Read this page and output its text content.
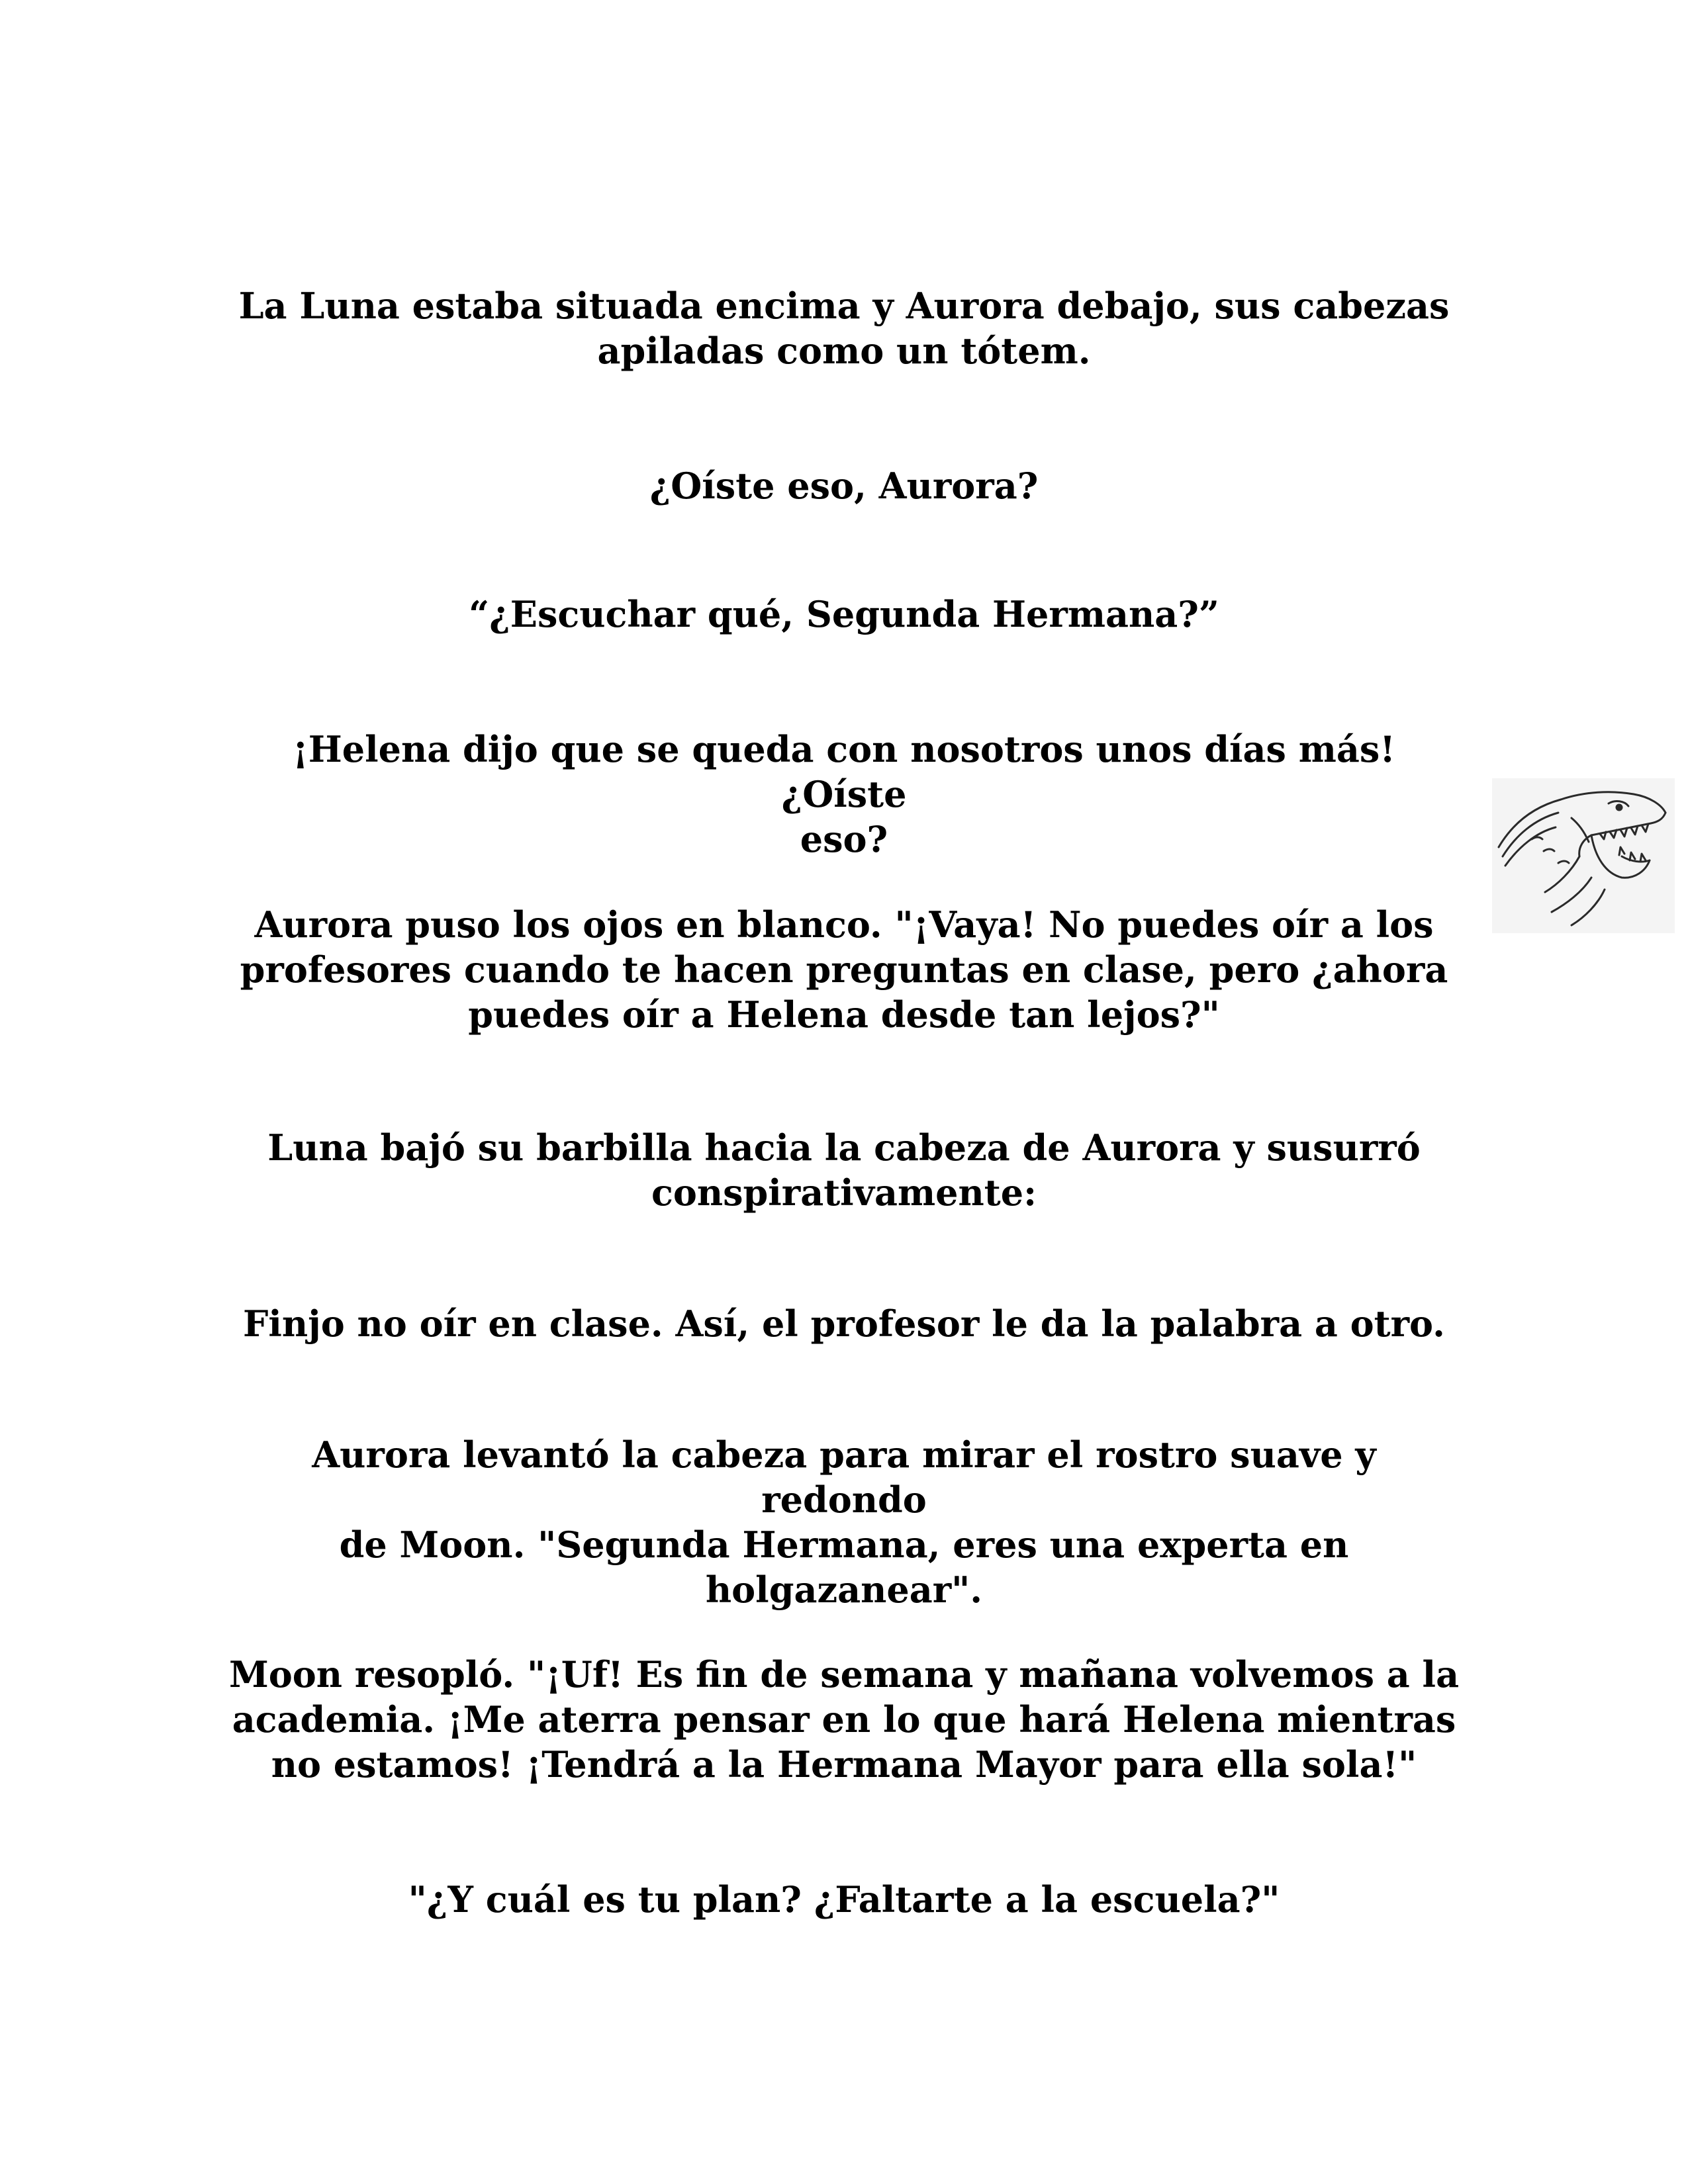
La Luna estaba situada encima y Aurora debajo, sus cabezas
apiladas como un tótem.

¿Oíste eso, Aurora?

“¿Escuchar qué, Segunda Hermana?”

¡Helena dijo que se queda con nosotros unos días más! ¿Oíste
eso?

Aurora puso los ojos en blanco. "¡Vaya! No puedes oír a los
profesores cuando te hacen preguntas en clase, pero ¿ahora
puedes oír a Helena desde tan lejos?"

Luna bajó su barbilla hacia la cabeza de Aurora y susurró
conspirativamente:

Finjo no oír en clase. Así, el profesor le da la palabra a otro.

Aurora levantó la cabeza para mirar el rostro suave y redondo
de Moon. "Segunda Hermana, eres una experta en
holgazanear".

Moon resopló. "¡Uf! Es fin de semana y mañana volvemos a la
academia. ¡Me aterra pensar en lo que hará Helena mientras
no estamos! ¡Tendrá a la Hermana Mayor para ella sola!"

"¿Y cuál es tu plan? ¿Faltarte a la escuela?"
